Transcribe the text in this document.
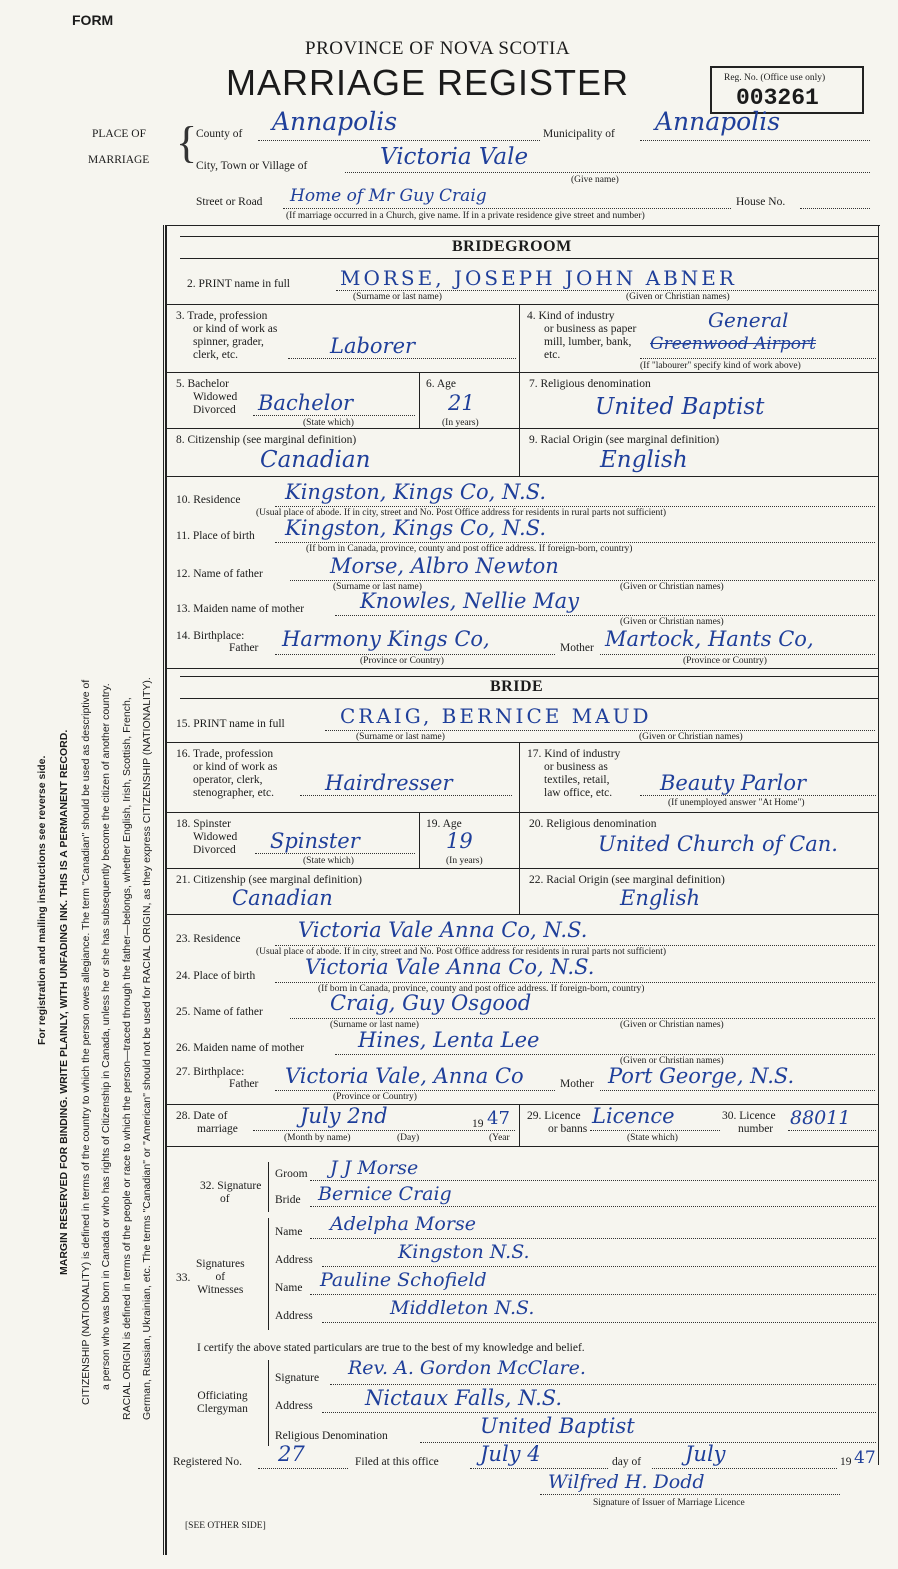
FORM
PROVINCE OF NOVA SCOTIA
MARRIAGE REGISTER	Reg. No. (Office use only)
003261
PLACE OF
MARRIAGE {
County of Annapolis	Municipality of Annapolis
City, Town or Village of	Victoria Vale
(Give name)
Street or Road Home of Mr Guy Craig	House No.
(If marriage occurred in a Church, give name. If in a private residence give street and number)
For registration and mailing instructions see reverse side. MARGIN RESERVED FOR BINDING. WRITE PLAINLY, WITH UNFADING INK. THIS IS A PERMANENT RECORD. CITIZENSHIP (NATIONALITY) is defined in terms of the country to which the person owes allegiance. The term "Canadian" should be used as descriptive of a person who was born in Canada or who has rights of Citizenship in Canada, unless he or she has subsequently become the citizen of another country. RACIAL ORIGIN is defined in terms of the people or race to which the person—traced through the father—belongs, whether English, Irish, Scottish, French, German, Russian, Ukrainian, etc. The terms "Canadian" or "American" should not be used for RACIAL ORIGIN, as they express CITIZENSHIP (NATIONALITY).
BRIDEGROOM
2. PRINT name in full	MORSE, JOSEPH JOHN ABNER
(Surname or last name)	(Given or Christian names)
3. Trade, profession
or kind of work as
spinner, grader,
clerk, etc.	Laborer
4. Kind of industry
or business as paper
mill, lumber, bank,
etc.
General
Greenwood Airport
(If "labourer" specify kind of work above)
5. Bachelor
Widowed
Divorced Bachelor
(State which)
6. Age
21
(In years)
7. Religious denomination
United Baptist
8. Citizenship (see marginal definition)
Canadian
9. Racial Origin (see marginal definition)
English
10. Residence Kingston, Kings Co, N.S.
(Usual place of abode. If in city, street and No. Post Office address for residents in rural parts not sufficient)
11. Place of birth Kingston, Kings Co, N.S.
(If born in Canada, province, county and post office address. If foreign-born, country)
12. Name of father	Morse, Albro Newton
(Surname or last name)	(Given or Christian names)
13. Maiden name of mother	Knowles, Nellie May
(Given or Christian names)
14. Birthplace:
Father Harmony Kings Co,	Mother Martock, Hants Co,
(Province or Country)	(Province or Country)
BRIDE
15. PRINT name in full	CRAIG, BERNICE MAUD
(Surname or last name)	(Given or Christian names)
16. Trade, profession
or kind of work as
operator, clerk,
stenographer, etc. Hairdresser
17. Kind of industry
or business as
textiles, retail,
law office, etc.	Beauty Parlor
(If unemployed answer "At Home")
18. Spinster
Widowed
Divorced Spinster
(State which)
19. Age
19
(In years)
20. Religious denomination
United Church of Can.
21. Citizenship (see marginal definition)
Canadian
22. Racial Origin (see marginal definition)
English
23. Residence	Victoria Vale Anna Co, N.S.
(Usual place of abode. If in city, street and No. Post Office address for residents in rural parts not sufficient)
24. Place of birth Victoria Vale Anna Co, N.S.
(If born in Canada, province, county and post office address. If foreign-born, country)
25. Name of father	Craig, Guy Osgood
(Surname or last name)	(Given or Christian names)
26. Maiden name of mother	Hines, Lenta Lee
(Given or Christian names)
27. Birthplace:
Father Victoria Vale, Anna Co	Mother Port George, N.S.
(Province or Country)
28. Date of
marriage
July 2nd	19 47
(Month by name)	(Day)	(Year
29. Licence
or banns
Licence
(State which)
30. Licence
number 88011
32. Signature
of
Groom J J Morse
Bride Bernice Craig
33.
Signatures
of
Witnesses
Name Adelpha Morse
Address	Kingston N.S.
Name Pauline Schofield
Address	Middleton N.S.
I certify the above stated particulars are true to the best of my knowledge and belief.
Officiating
Clergyman
Signature Rev. A. Gordon McClare.
Address Nictaux Falls, N.S.
Religious Denomination	United Baptist
Registered No. 27	Filed at this office July 4	day of July	19 47
Wilfred H. Dodd
Signature of Issuer of Marriage Licence
[SEE OTHER SIDE]
